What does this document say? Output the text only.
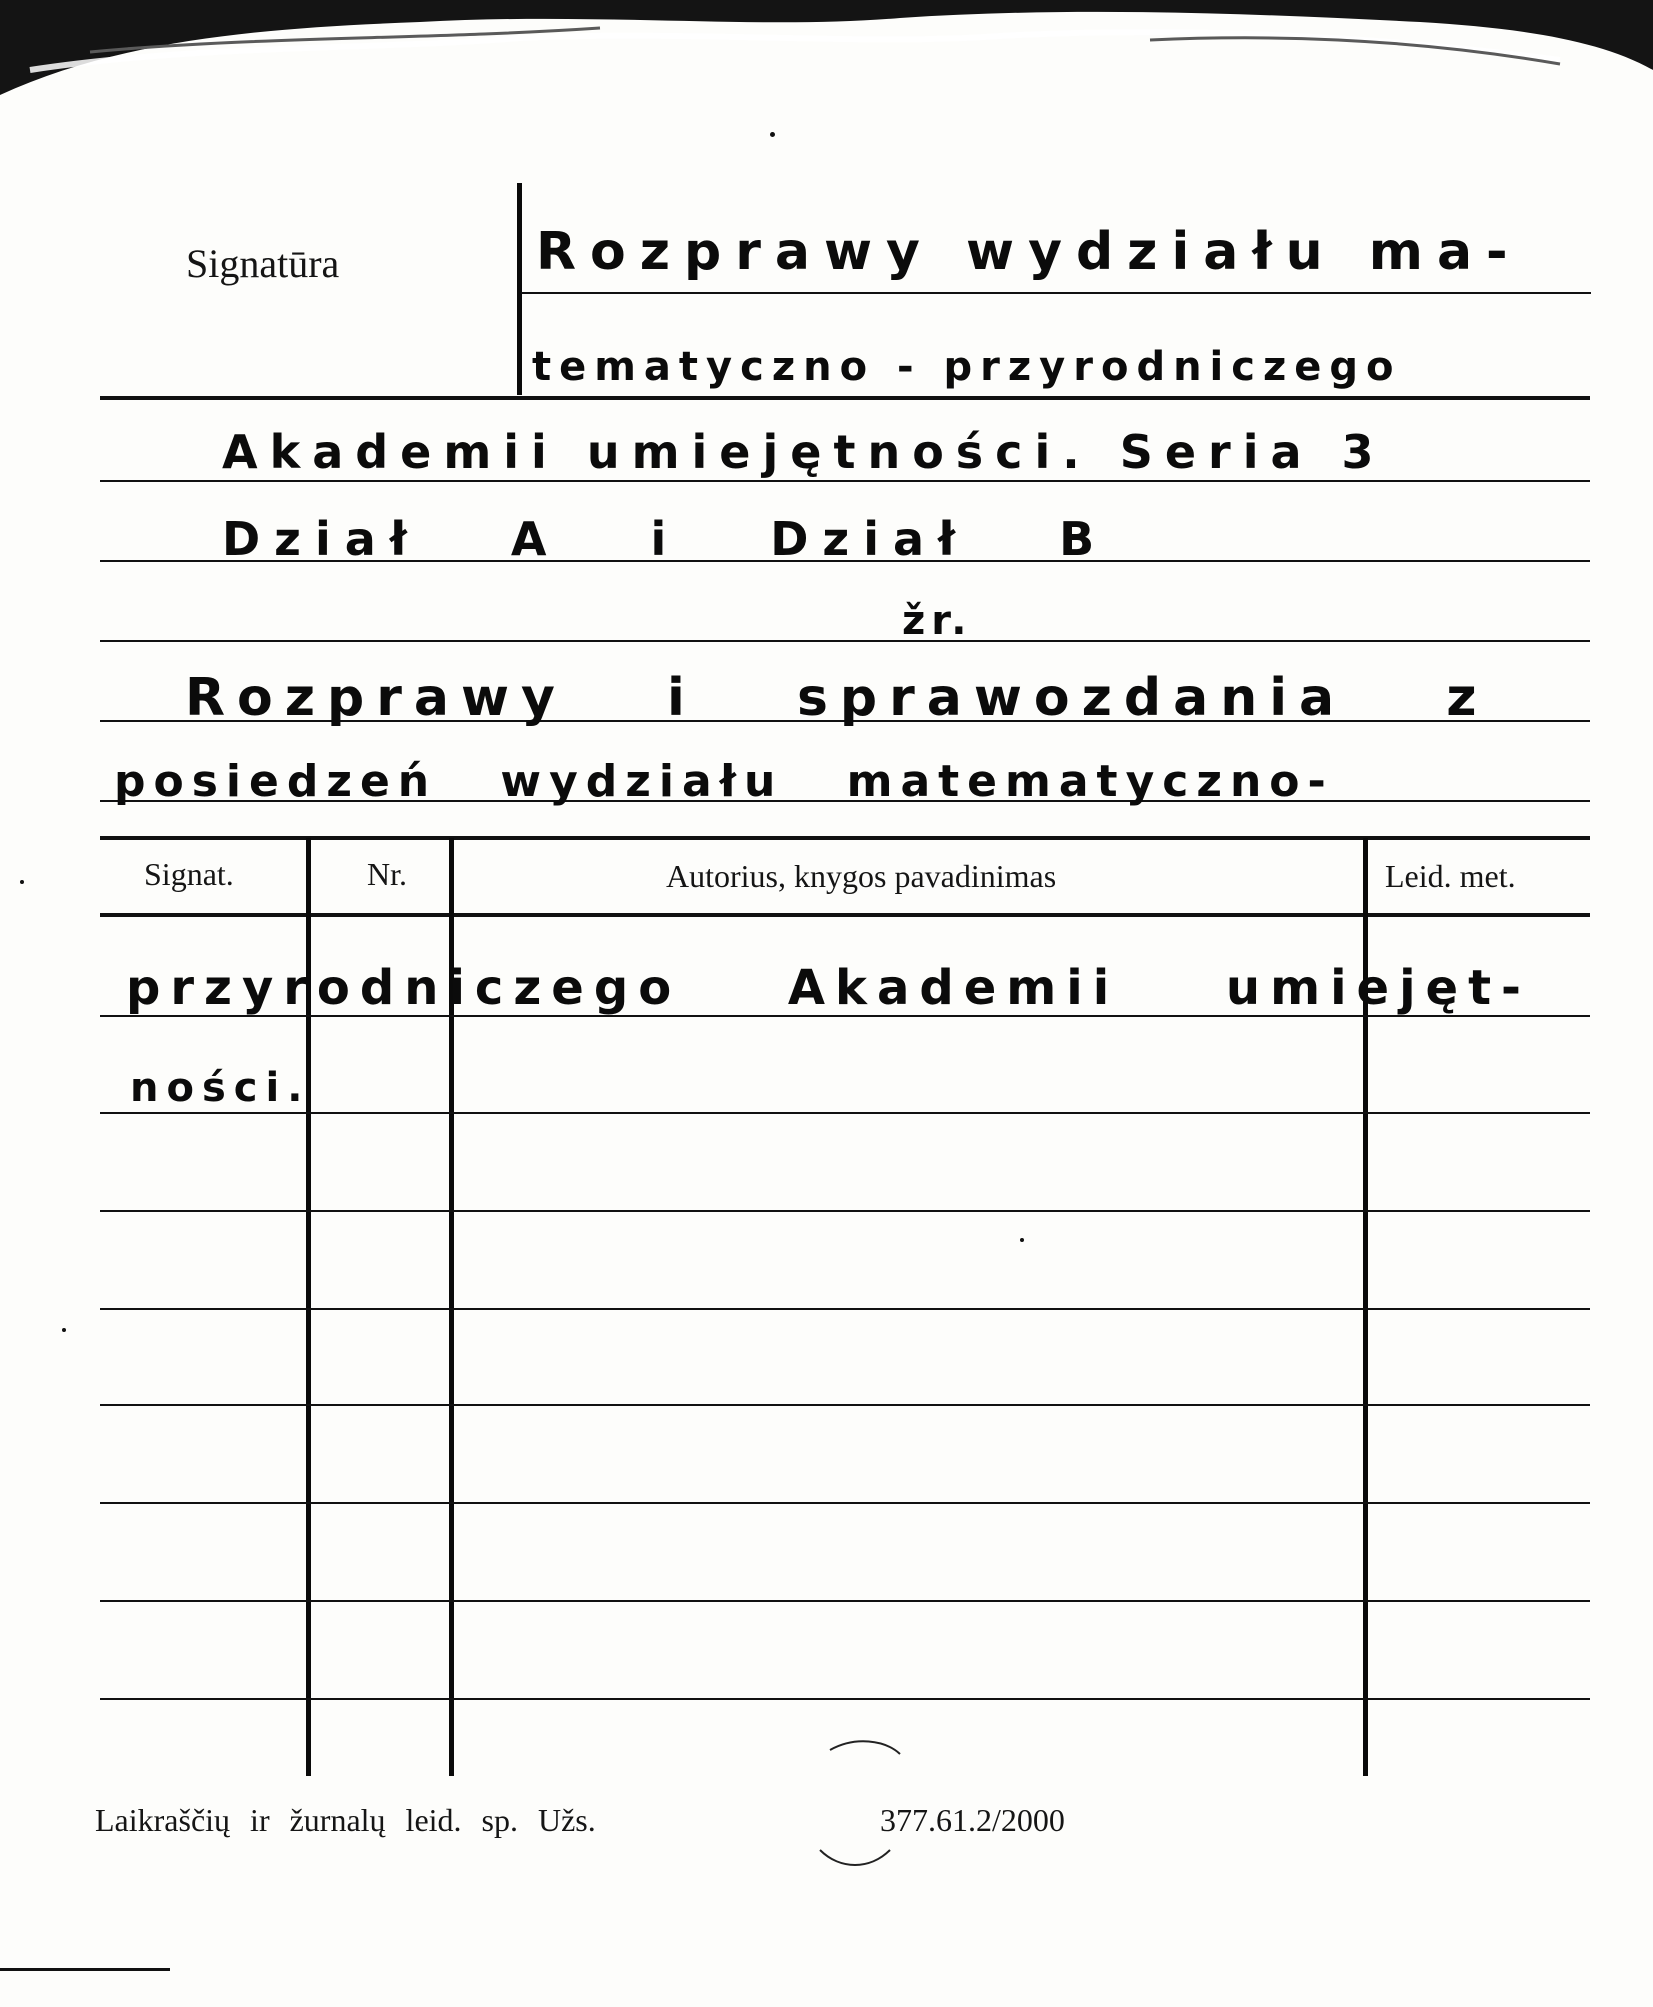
Signatūra	Rozprawy wydziału ma-
tematyczno - przyrodniczego
Akademii umiejętności. Seria 3
Dział A i Dział B
žr.
Rozprawy i sprawozdania z
posiedzeń wydziału matematyczno-
Signat.	Nr.	Autorius, knygos pavadinimas	Leid. met.
przyrodniczego Akademii umiejęt-
ności.
Laikraščių ir žurnalų leid. sp. Užs.	377.61.2/2000
